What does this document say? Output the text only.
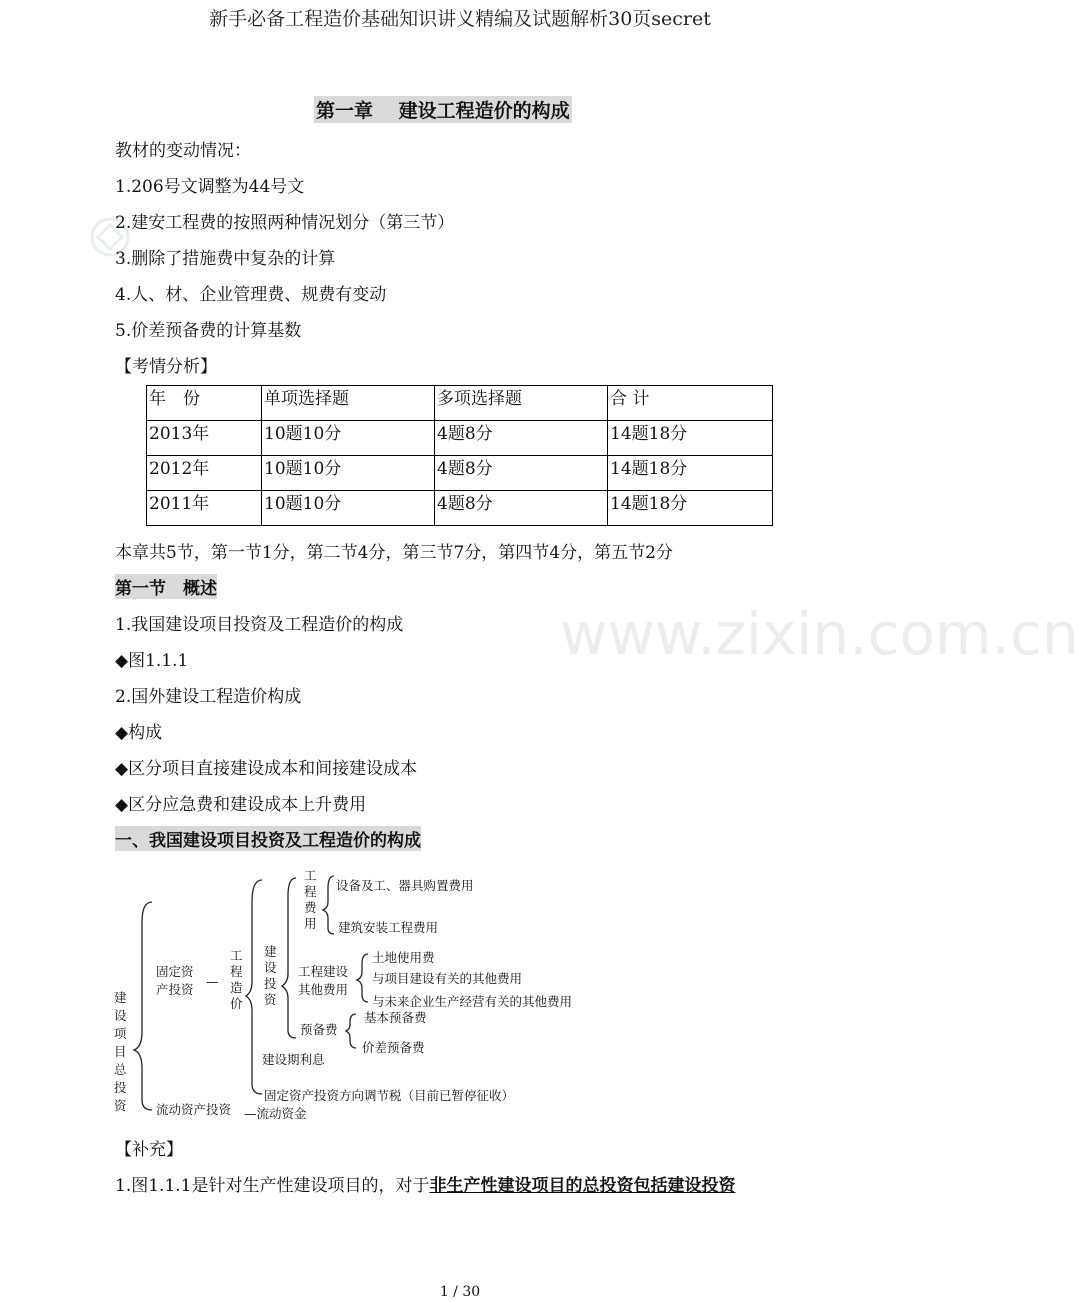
新手必备工程造价基础知识讲义精编及试题解析30页secret

www.zixin.com.cn
第一章　 建设工程造价的构成
教材的变动情况：
1.206号文调整为44号文
2.建安工程费的按照两种情况划分（第三节）
3.删除了措施费中复杂的计算
4.人、材、企业管理费、规费有变动
5.价差预备费的计算基数
【考情分析】
年　份	单项选择题	多项选择题	合 计
2013年	10题10分	4题8分	14题18分
2012年	10题10分	4题8分	14题18分
2011年	10题10分	4题8分	14题18分
本章共5节，第一节1分，第二节4分，第三节7分，第四节4分，第五节2分
第一节　概述
1.我国建设项目投资及工程造价的构成
◆图1.1.1
2.国外建设工程造价构成
◆构成
◆区分项目直接建设成本和间接建设成本
◆区分应急费和建设成本上升费用
一、我国建设项目投资及工程造价的构成
建
设
项
目
总
投
资
固定资
产投资
—
工
程
造
价
建
设
投
资
工
程
费
用
设备及工、器具购置费用
建筑安装工程费用
工程建设
其他费用
土地使用费
与项目建设有关的其他费用
与未来企业生产经营有关的其他费用
预备费
基本预备费
价差预备费
建设期利息
固定资产投资方向调节税（目前已暂停征收）
流动资产投资 —流动资金
【补充】
1.图1.1.1是针对生产性建设项目的，对于非生产性建设项目的总投资包括建设投资
1 / 30
